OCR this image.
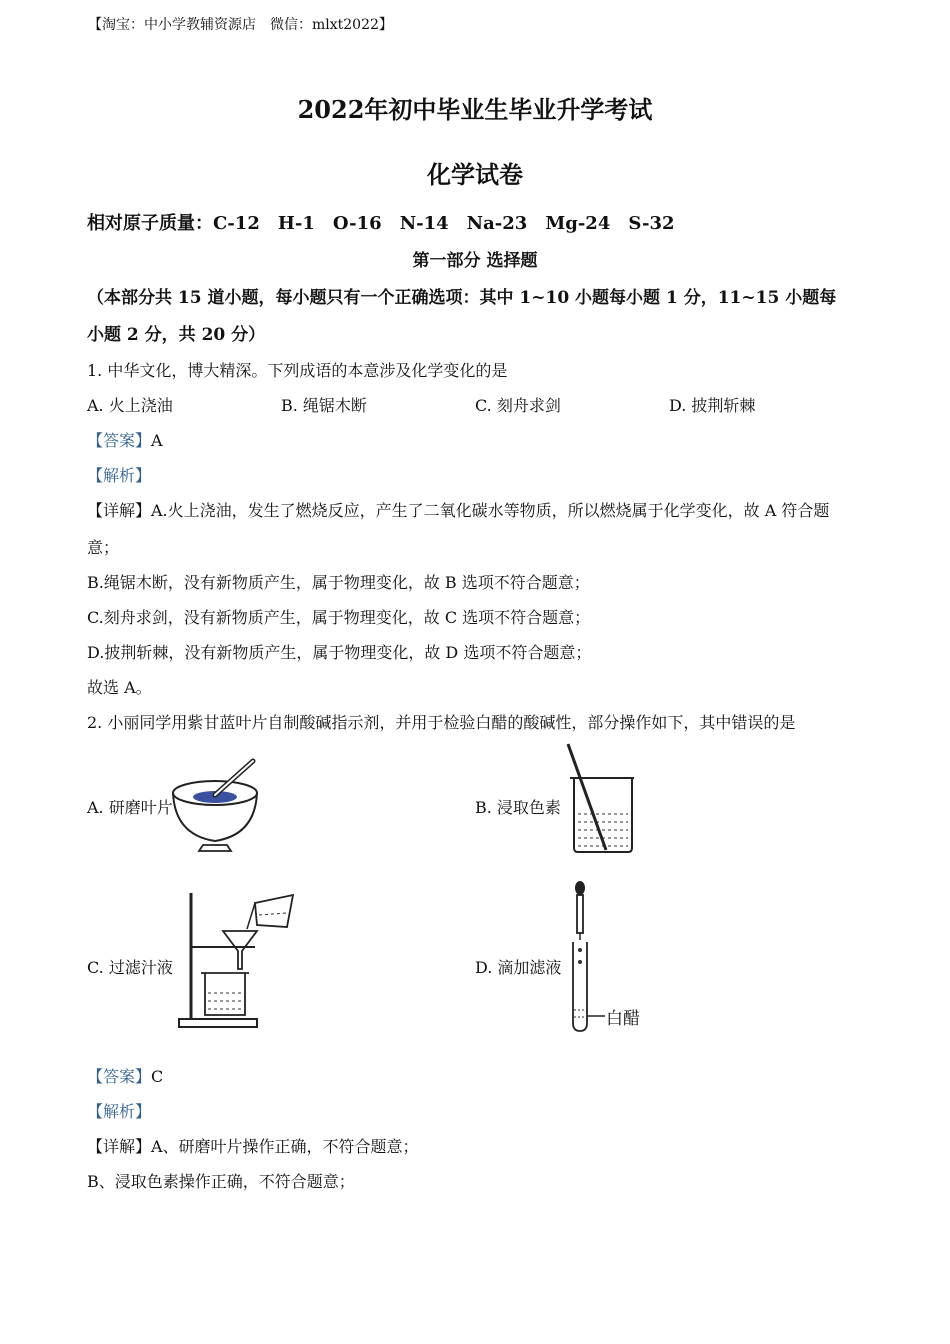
【淘宝：中小学教辅资源店　微信：mlxt2022】
2022年初中毕业生毕业升学考试
化学试卷
相对原子质量：C-12　H-1　O-16　N-14　Na-23　Mg-24　S-32
第一部分 选择题
（本部分共 15 道小题，每小题只有一个正确选项：其中 1~10 小题每小题 1 分，11~15 小题每
小题 2 分，共 20 分）
1. 中华文化，博大精深。下列成语的本意涉及化学变化的是
A. 火上浇油	B. 绳锯木断	C. 刻舟求剑	D. 披荆斩棘
【答案】A
【解析】
【详解】A.火上浇油，发生了燃烧反应，产生了二氧化碳水等物质，所以燃烧属于化学变化，故 A 符合题
意；
B.绳锯木断，没有新物质产生，属于物理变化，故 B 选项不符合题意；
C.刻舟求剑，没有新物质产生，属于物理变化，故 C 选项不符合题意；
D.披荆斩棘，没有新物质产生，属于物理变化，故 D 选项不符合题意；
故选 A。
2. 小丽同学用紫甘蓝叶片自制酸碱指示剂，并用于检验白醋的酸碱性，部分操作如下，其中错误的是
A. 研磨叶片	B. 浸取色素
C. 过滤汁液	D. 滴加滤液
白醋
【答案】C
【解析】
【详解】A、研磨叶片操作正确，不符合题意；
B、浸取色素操作正确，不符合题意；
